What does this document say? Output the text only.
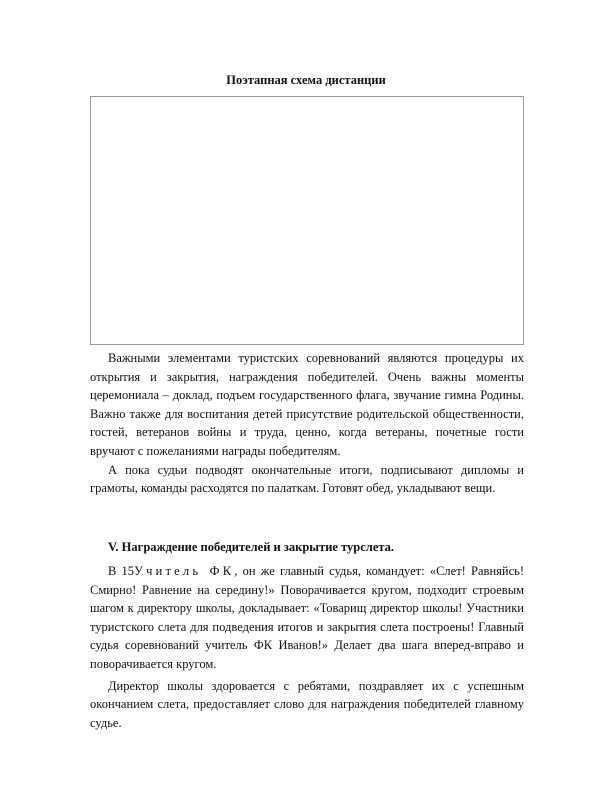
Поэтапная схема дистанции

Важными элементами туристских соревнований являются процедуры их открытия и закрытия, награждения победителей. Очень важны моменты церемониала – доклад, подъем государственного флага, звучание гимна Родины. Важно также для воспитания детей присутствие родительской общественности, гостей, ветеранов войны и труда, ценно, когда ветераны, почетные гости вручают с пожеланиями награды победителям.

А пока судьи подводят окончательные итоги, подписывают дипломы и грамоты, команды расходятся по палаткам. Готовят обед, укладывают вещи.

V. Награждение победителей и закрытие турслета.

В 15Учитель ФК, он же главный судья, командует: «Слет! Равняйсь! Смирно! Равнение на середину!» Поворачивается кругом, подходит строевым шагом к директору школы, докладывает: «Товарищ директор школы! Участники туристского слета для подведения итогов и закрытия слета построены! Главный судья соревнований учитель ФК Иванов!» Делает два шага вперед-вправо и поворачивается кругом.

Директор школы здоровается с ребятами, поздравляет их с успешным окончанием слета, предоставляет слово для награждения победителей главному судье.
